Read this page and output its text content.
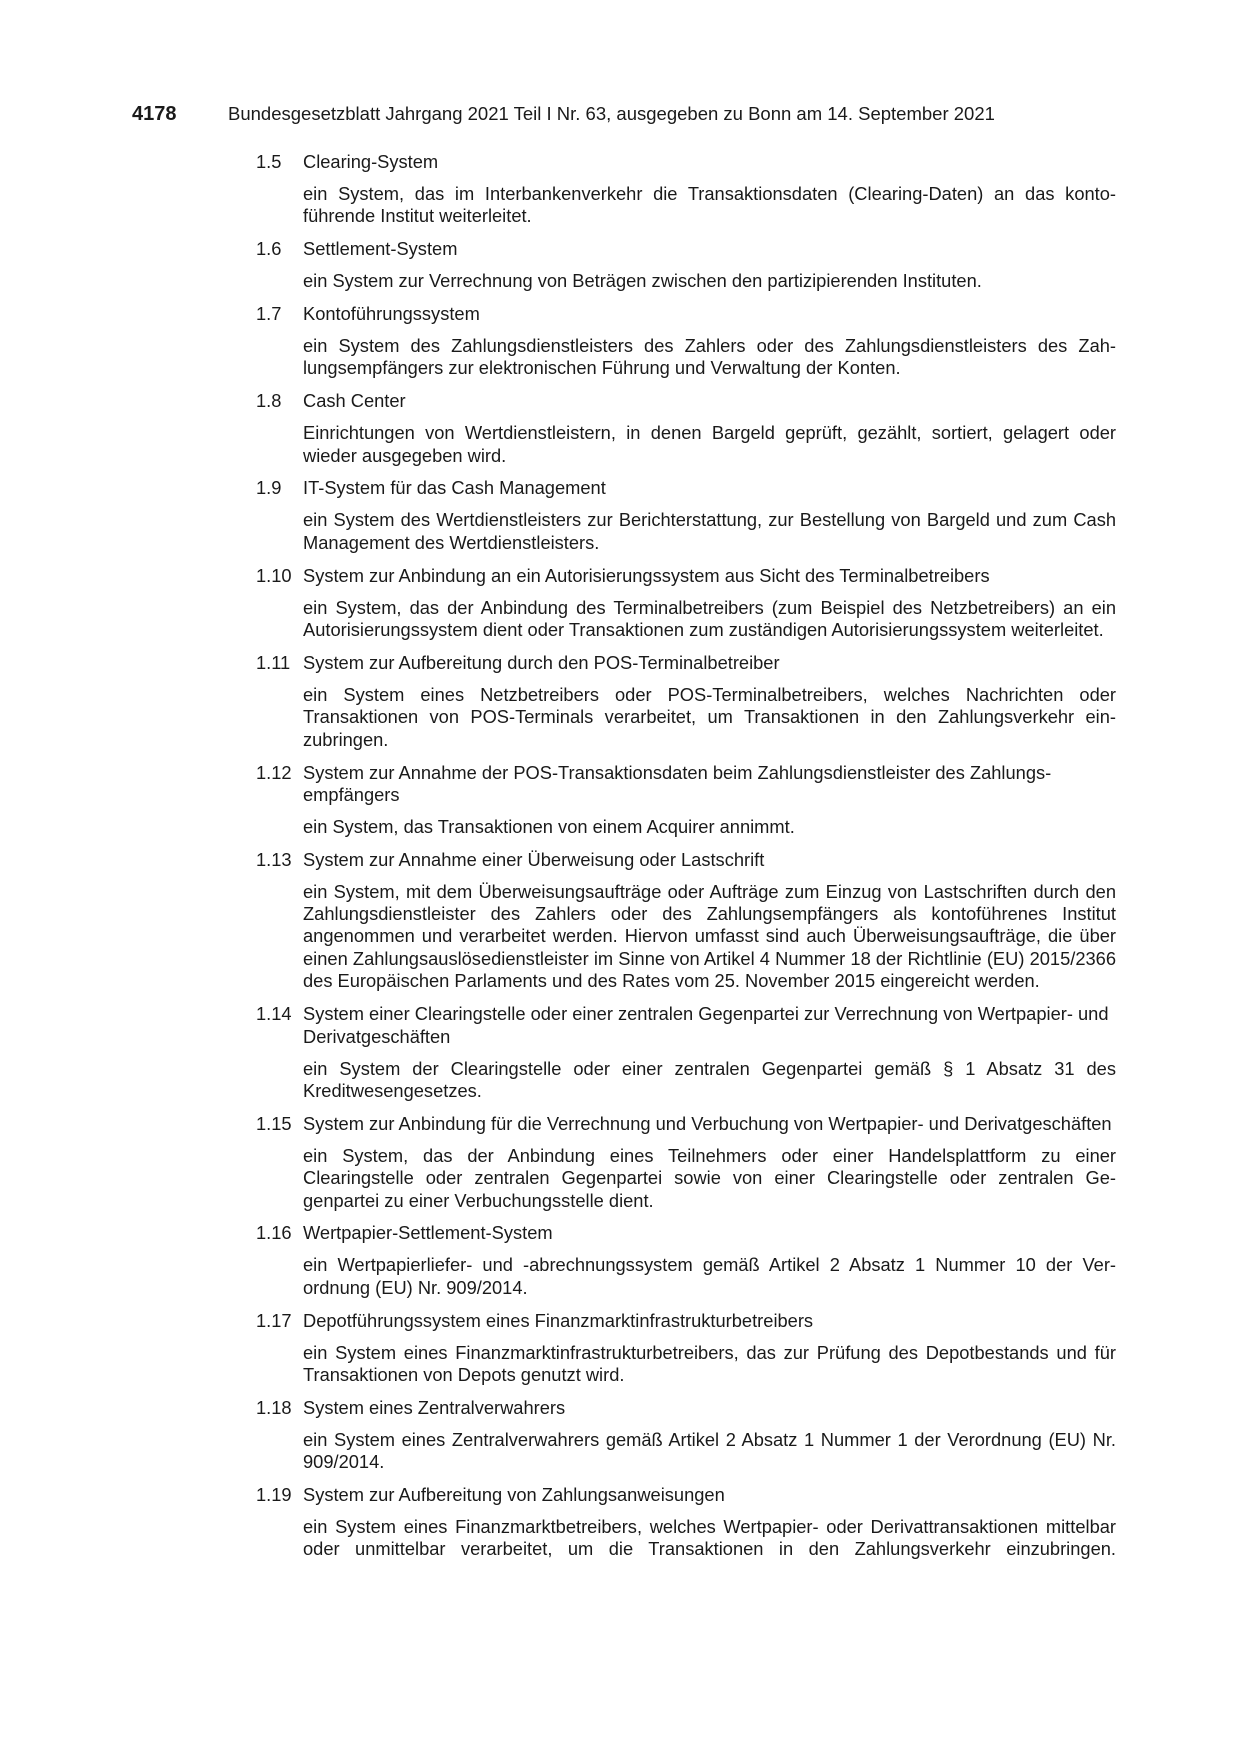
4178	Bundesgesetzblatt Jahrgang 2021 Teil I Nr. 63, ausgegeben zu Bonn am 14. September 2021
1.5	Clearing-System
ein System, das im Interbankenverkehr die Transaktionsdaten (Clearing-Daten) an das kontoführende Institut weiterleitet.
1.6	Settlement-System
ein System zur Verrechnung von Beträgen zwischen den partizipierenden Instituten.
1.7	Kontoführungssystem
ein System des Zahlungsdienstleisters des Zahlers oder des Zahlungsdienstleisters des Zahlungsempfängers zur elektronischen Führung und Verwaltung der Konten.
1.8	Cash Center
Einrichtungen von Wertdienstleistern, in denen Bargeld geprüft, gezählt, sortiert, gelagert oder wieder ausgegeben wird.
1.9	IT-System für das Cash Management
ein System des Wertdienstleisters zur Berichterstattung, zur Bestellung von Bargeld und zum Cash Management des Wertdienstleisters.
1.10 System zur Anbindung an ein Autorisierungssystem aus Sicht des Terminalbetreibers
ein System, das der Anbindung des Terminalbetreibers (zum Beispiel des Netzbetreibers) an ein Autorisierungssystem dient oder Transaktionen zum zuständigen Autorisierungssystem weiterleitet.
1.11 System zur Aufbereitung durch den POS-Terminalbetreiber
ein System eines Netzbetreibers oder POS-Terminalbetreibers, welches Nachrichten oder Transaktionen von POS-Terminals verarbeitet, um Transaktionen in den Zahlungsverkehr einzubringen.
1.12 System zur Annahme der POS-Transaktionsdaten beim Zahlungsdienstleister des Zahlungsempfängers
ein System, das Transaktionen von einem Acquirer annimmt.
1.13 System zur Annahme einer Überweisung oder Lastschrift
ein System, mit dem Überweisungsaufträge oder Aufträge zum Einzug von Lastschriften durch den Zahlungsdienstleister des Zahlers oder des Zahlungsempfängers als kontoführenes Institut angenommen und verarbeitet werden. Hiervon umfasst sind auch Überweisungsaufträge, die über einen Zahlungsauslösedienstleister im Sinne von Artikel 4 Nummer 18 der Richtlinie (EU) 2015/2366 des Europäischen Parlaments und des Rates vom 25. November 2015 eingereicht werden.
1.14 System einer Clearingstelle oder einer zentralen Gegenpartei zur Verrechnung von Wertpapier- und Derivatgeschäften
ein System der Clearingstelle oder einer zentralen Gegenpartei gemäß § 1 Absatz 31 des Kreditwesengesetzes.
1.15 System zur Anbindung für die Verrechnung und Verbuchung von Wertpapier- und Derivatgeschäften
ein System, das der Anbindung eines Teilnehmers oder einer Handelsplattform zu einer Clearingstelle oder zentralen Gegenpartei sowie von einer Clearingstelle oder zentralen Gegenpartei zu einer Verbuchungsstelle dient.
1.16 Wertpapier-Settlement-System
ein Wertpapierliefer- und -abrechnungssystem gemäß Artikel 2 Absatz 1 Nummer 10 der Verordnung (EU) Nr. 909/2014.
1.17 Depotführungssystem eines Finanzmarktinfrastrukturbetreibers
ein System eines Finanzmarktinfrastrukturbetreibers, das zur Prüfung des Depotbestands und für Transaktionen von Depots genutzt wird.
1.18 System eines Zentralverwahrers
ein System eines Zentralverwahrers gemäß Artikel 2 Absatz 1 Nummer 1 der Verordnung (EU) Nr. 909/2014.
1.19 System zur Aufbereitung von Zahlungsanweisungen
ein System eines Finanzmarktbetreibers, welches Wertpapier- oder Derivattransaktionen mittelbar oder unmittelbar verarbeitet, um die Transaktionen in den Zahlungsverkehr einzubringen.
